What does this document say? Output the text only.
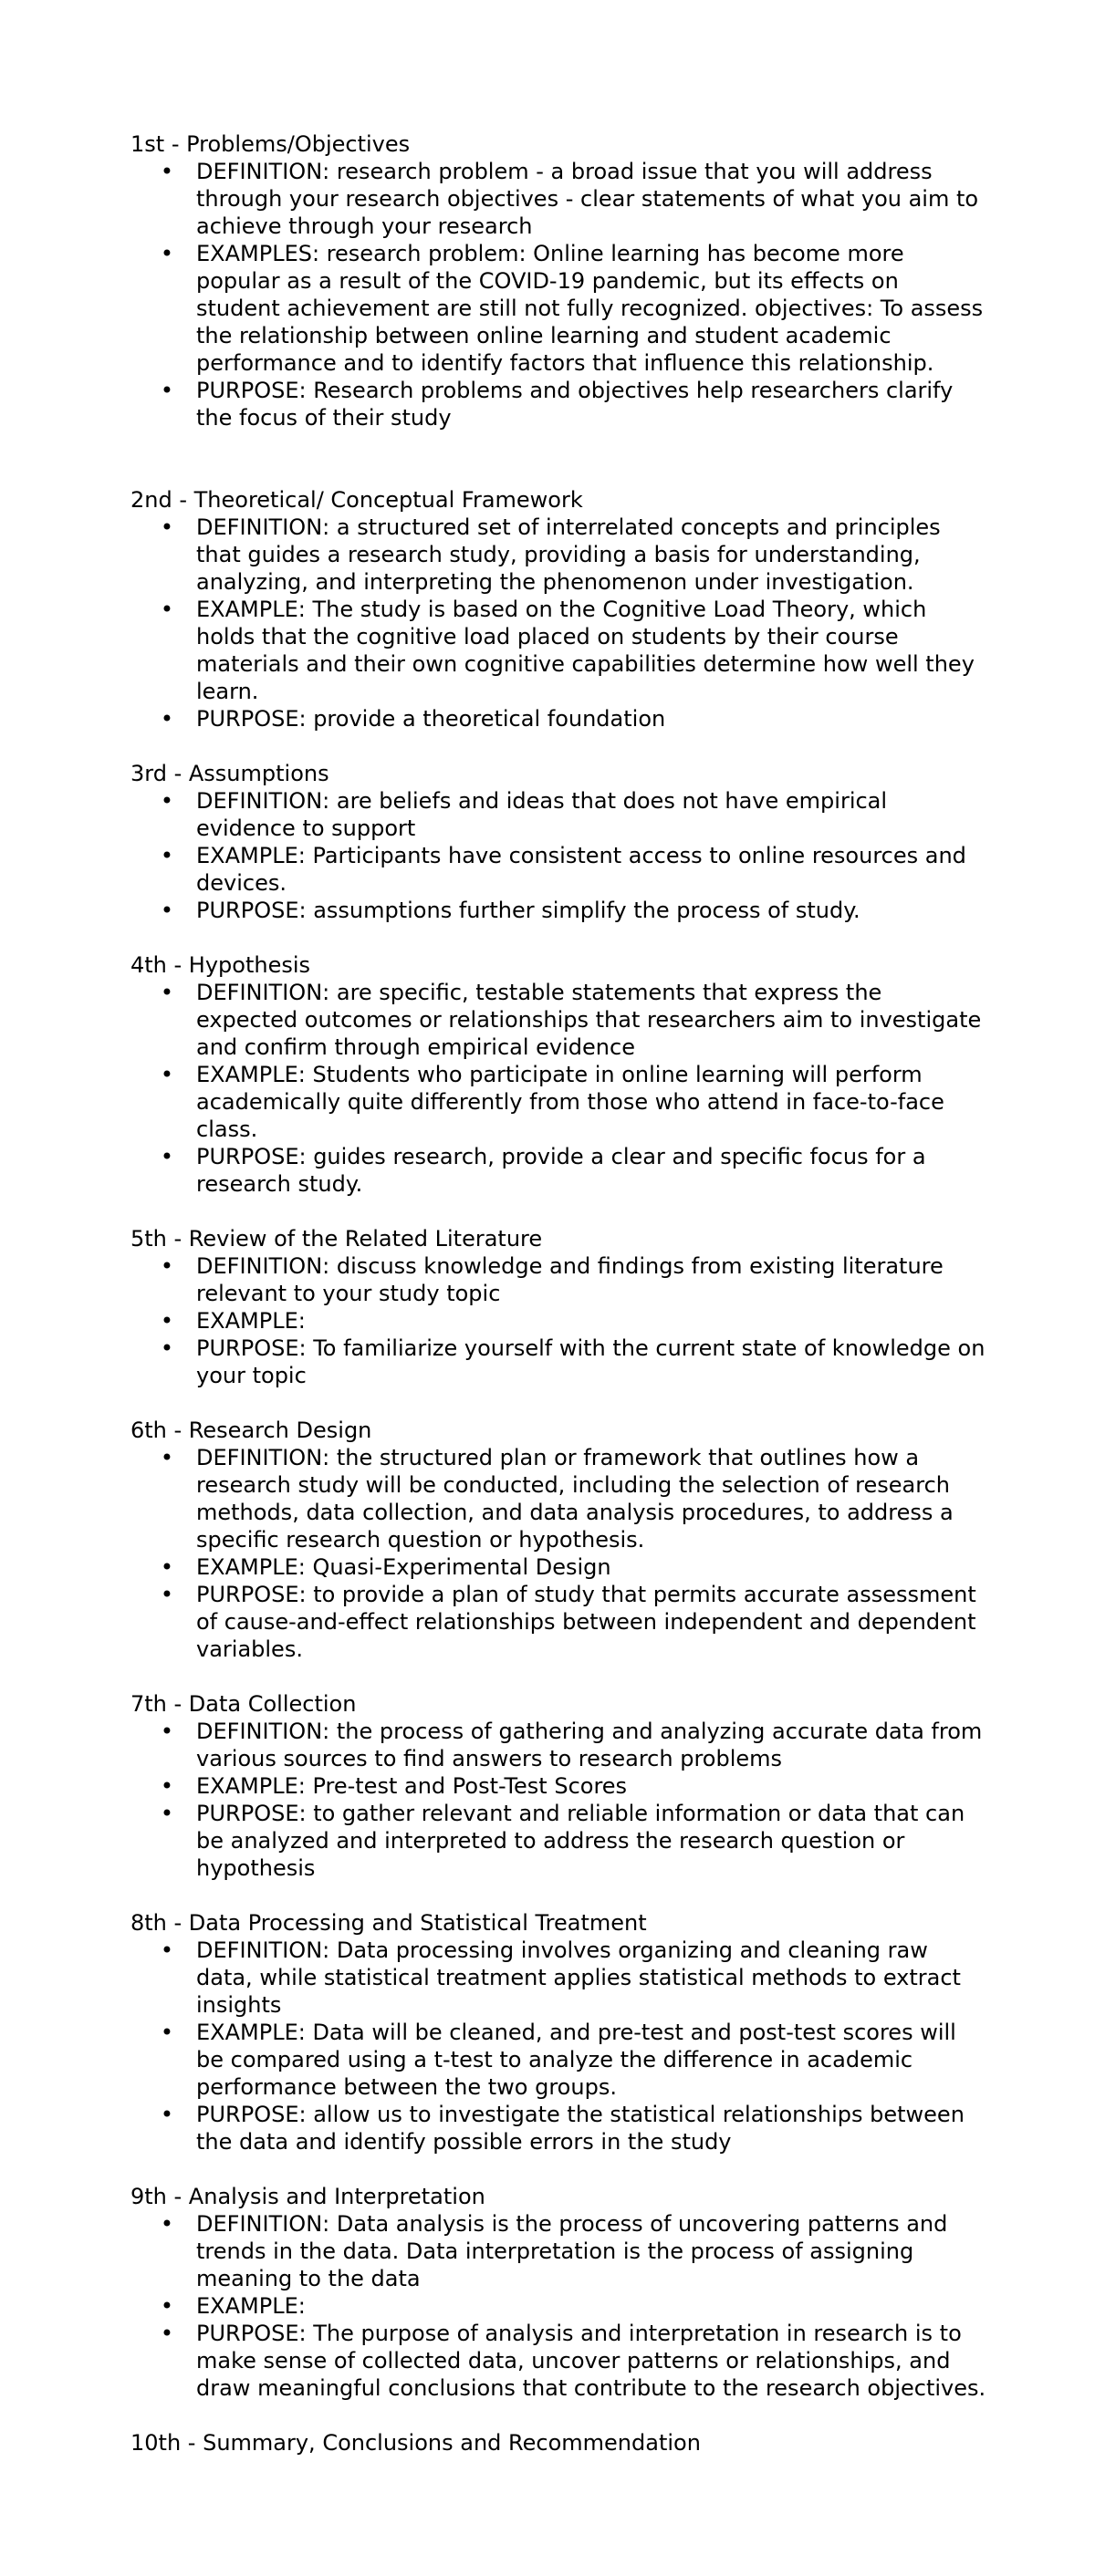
1st - Problems/Objectives
• DEFINITION: research problem - a broad issue that you will address through your research objectives - clear statements of what you aim to achieve through your research
• EXAMPLES: research problem: Online learning has become more popular as a result of the COVID-19 pandemic, but its effects on student achievement are still not fully recognized. objectives: To assess the relationship between online learning and student academic performance and to identify factors that influence this relationship.
• PURPOSE: Research problems and objectives help researchers clarify the focus of their study
2nd - Theoretical/ Conceptual Framework
• DEFINITION: a structured set of interrelated concepts and principles that guides a research study, providing a basis for understanding, analyzing, and interpreting the phenomenon under investigation.
• EXAMPLE: The study is based on the Cognitive Load Theory, which holds that the cognitive load placed on students by their course materials and their own cognitive capabilities determine how well they learn.
• PURPOSE: provide a theoretical foundation
3rd - Assumptions
• DEFINITION: are beliefs and ideas that does not have empirical evidence to support
• EXAMPLE: Participants have consistent access to online resources and devices.
• PURPOSE: assumptions further simplify the process of study.
4th - Hypothesis
• DEFINITION: are specific, testable statements that express the expected outcomes or relationships that researchers aim to investigate and confirm through empirical evidence
• EXAMPLE: Students who participate in online learning will perform academically quite differently from those who attend in face-to-face class.
• PURPOSE: guides research, provide a clear and specific focus for a research study.
5th - Review of the Related Literature
• DEFINITION: discuss knowledge and findings from existing literature relevant to your study topic
• EXAMPLE:
• PURPOSE: To familiarize yourself with the current state of knowledge on your topic
6th - Research Design
• DEFINITION: the structured plan or framework that outlines how a research study will be conducted, including the selection of research methods, data collection, and data analysis procedures, to address a specific research question or hypothesis.
• EXAMPLE: Quasi-Experimental Design
• PURPOSE: to provide a plan of study that permits accurate assessment of cause-and-effect relationships between independent and dependent variables.
7th - Data Collection
• DEFINITION: the process of gathering and analyzing accurate data from various sources to find answers to research problems
• EXAMPLE: Pre-test and Post-Test Scores
• PURPOSE: to gather relevant and reliable information or data that can be analyzed and interpreted to address the research question or hypothesis
8th - Data Processing and Statistical Treatment
• DEFINITION: Data processing involves organizing and cleaning raw data, while statistical treatment applies statistical methods to extract insights
• EXAMPLE: Data will be cleaned, and pre-test and post-test scores will be compared using a t-test to analyze the difference in academic performance between the two groups.
• PURPOSE: allow us to investigate the statistical relationships between the data and identify possible errors in the study
9th - Analysis and Interpretation
• DEFINITION: Data analysis is the process of uncovering patterns and trends in the data. Data interpretation is the process of assigning meaning to the data
• EXAMPLE:
• PURPOSE: The purpose of analysis and interpretation in research is to make sense of collected data, uncover patterns or relationships, and draw meaningful conclusions that contribute to the research objectives.
10th - Summary, Conclusions and Recommendation
